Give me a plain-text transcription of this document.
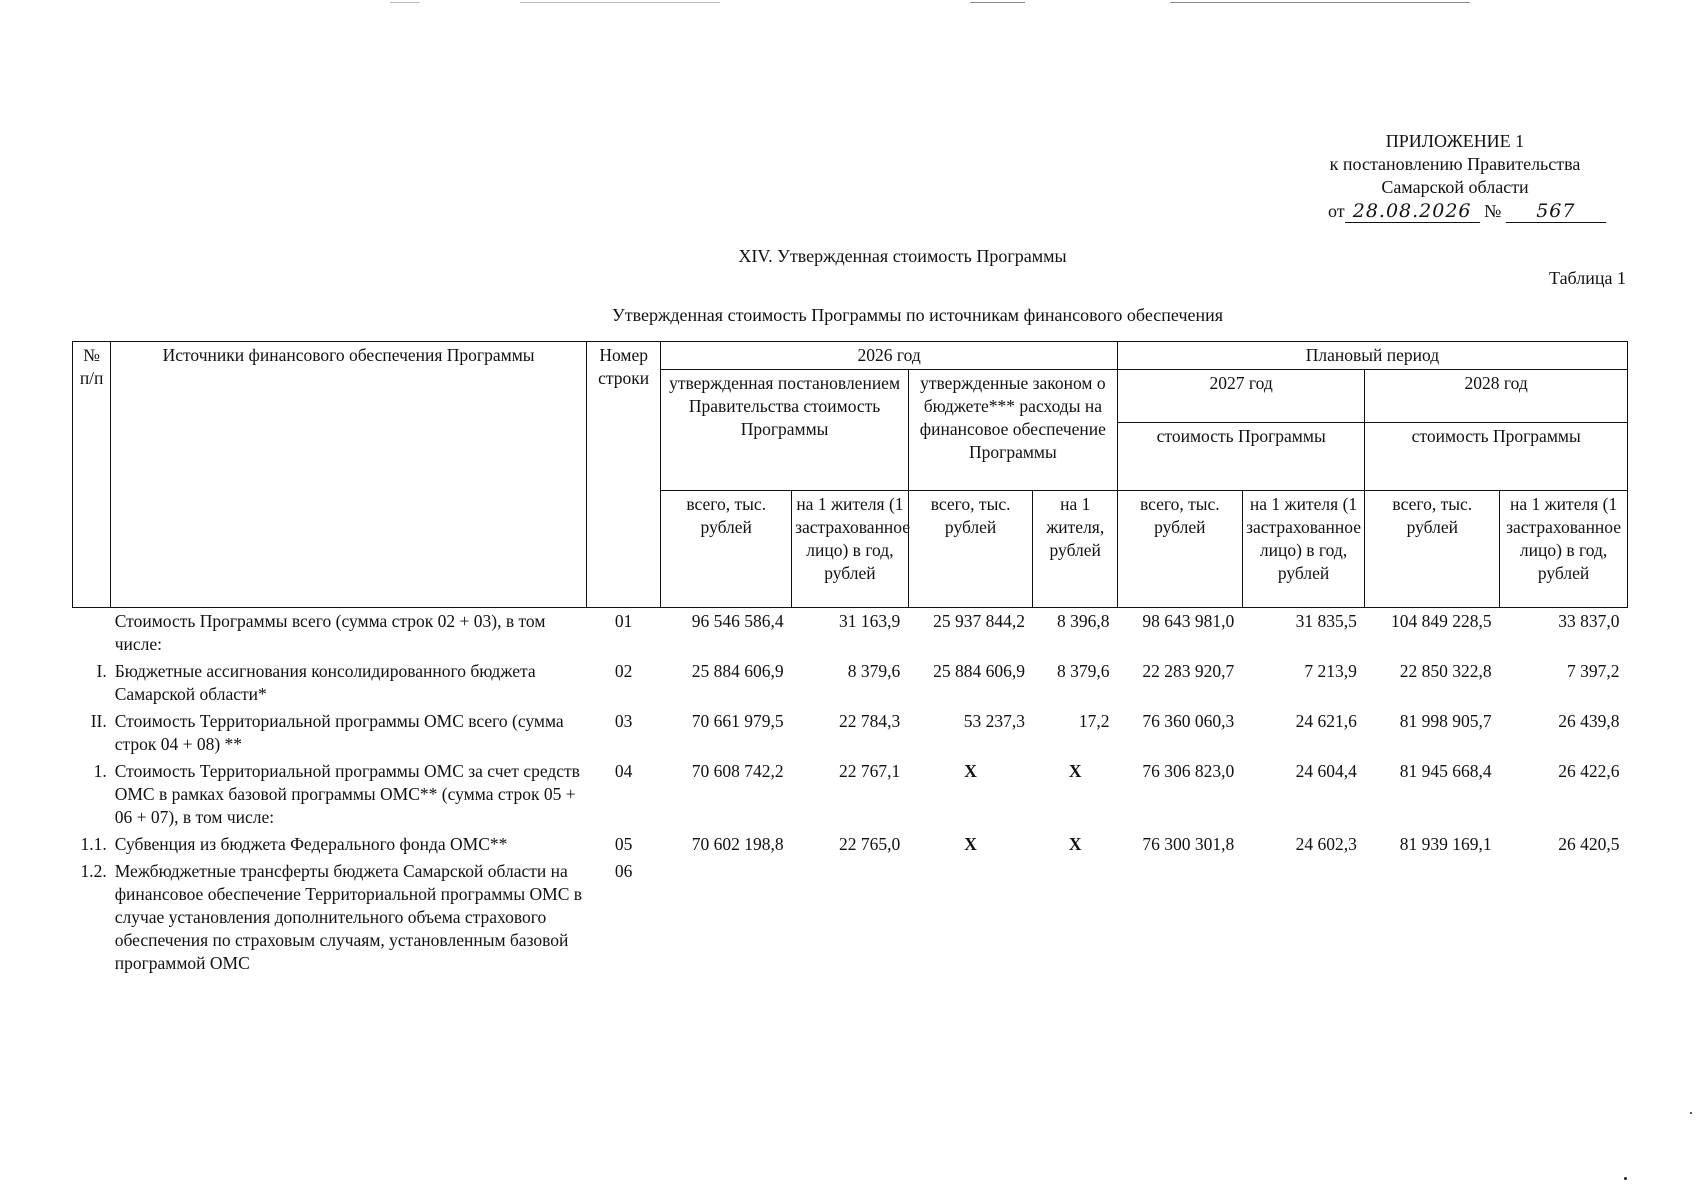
ПРИЛОЖЕНИЕ 1
к постановлению Правительства
Самарской области
от 28.08.2026 № 567
XIV. Утвержденная стоимость Программы
Таблица 1
Утвержденная стоимость Программы по источникам финансового обеспечения
№ п/п	Источники финансового обеспечения Программы	Номер строки	2026 год				Плановый период			
			утвержденная постановлением Правительства стоимость Программы		утвержденные законом о бюджете*** расходы на финансовое обеспечение Программы		2027 год		2028 год	
							стоимость Программы		стоимость Программы	
			всего, тыс. рублей	на 1 жителя (1 застрахованное лицо) в год, рублей	всего, тыс. рублей	на 1 жителя, рублей	всего, тыс. рублей	на 1 жителя (1 застрахованное лицо) в год, рублей	всего, тыс. рублей	на 1 жителя (1 застрахованное лицо) в год, рублей
	Стоимость Программы всего (сумма строк 02 + 03), в том числе:	01	96 546 586,4	31 163,9	25 937 844,2	8 396,8	98 643 981,0	31 835,5	104 849 228,5	33 837,0
I.	Бюджетные ассигнования консолидированного бюджета Самарской области*	02	25 884 606,9	8 379,6	25 884 606,9	8 379,6	22 283 920,7	7 213,9	22 850 322,8	7 397,2
II.	Стоимость Территориальной программы ОМС всего (сумма строк 04 + 08) **	03	70 661 979,5	22 784,3	53 237,3	17,2	76 360 060,3	24 621,6	81 998 905,7	26 439,8
1.	Стоимость Территориальной программы ОМС за счет средств ОМС в рамках базовой программы ОМС** (сумма строк 05 + 06 + 07), в том числе:	04	70 608 742,2	22 767,1	X	X	76 306 823,0	24 604,4	81 945 668,4	26 422,6
1.1.	Субвенция из бюджета Федерального фонда ОМС**	05	70 602 198,8	22 765,0	X	X	76 300 301,8	24 602,3	81 939 169,1	26 420,5
1.2.	Межбюджетные трансферты бюджета Самарской области на финансовое обеспечение Территориальной программы ОМС в случае установления дополнительного объема страхового обеспечения по страховым случаям, установленным базовой программой ОМС	06								
